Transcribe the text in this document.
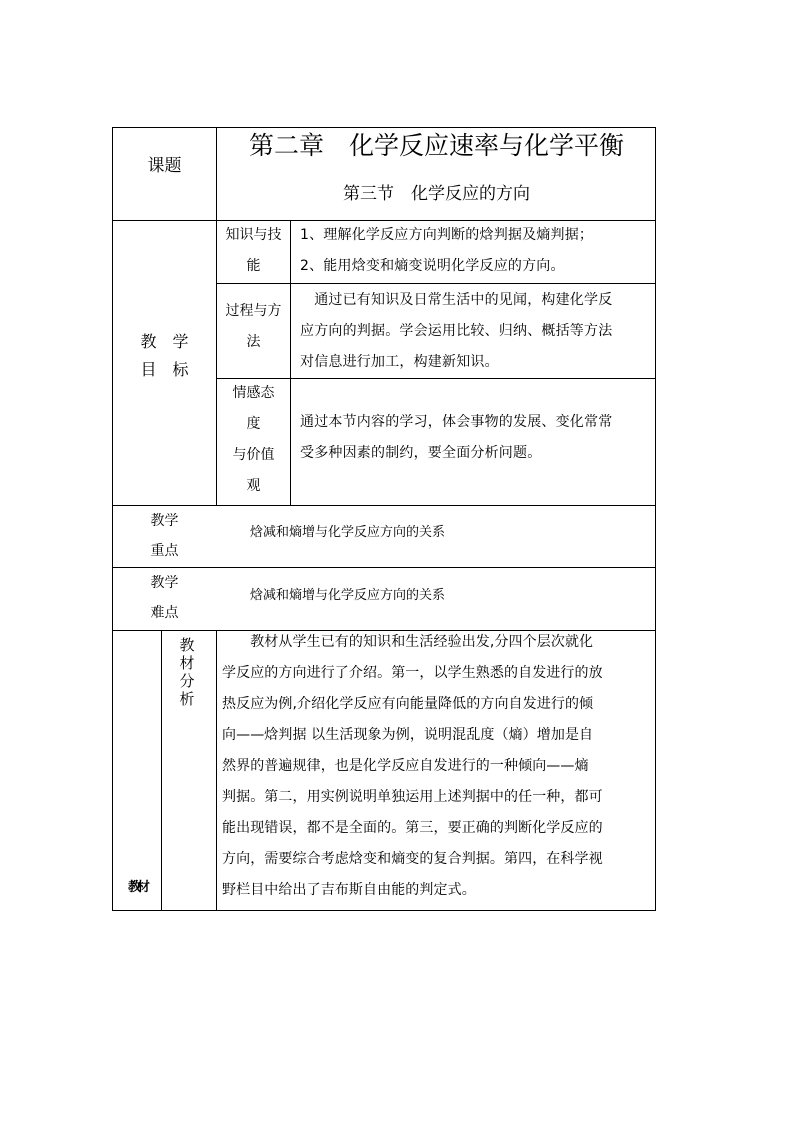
课题
第二章　化学反应速率与化学平衡
第三节　化学反应的方向
教　学
目　标
知识与技
能
1、理解化学反应方向判断的焓判据及熵判据；
2、能用焓变和熵变说明化学反应的方向。
过程与方
法
　通过已有知识及日常生活中的见闻，构建化学反
应方向的判据。学会运用比较、归纳、概括等方法
对信息进行加工，构建新知识。
情感态
度
与价值
观
通过本节内容的学习，体会事物的发展、变化常常
受多种因素的制约，要全面分析问题。
教学
重点
焓减和熵增与化学反应方向的关系
教学
难点
焓减和熵增与化学反应方向的关系
教材
教
材
分
析
　　教材从学生已有的知识和生活经验出发,分四个层次就化
学反应的方向进行了介绍。第一，以学生熟悉的自发进行的放
热反应为例,介绍化学反应有向能量降低的方向自发进行的倾
向——焓判据 以生活现象为例，说明混乱度（熵）增加是自
然界的普遍规律，也是化学反应自发进行的一种倾向——熵
判据。第二，用实例说明单独运用上述判据中的任一种，都可
能出现错误，都不是全面的。第三，要正确的判断化学反应的
方向，需要综合考虑焓变和熵变的复合判据。第四，在科学视
野栏目中给出了吉布斯自由能的判定式。
